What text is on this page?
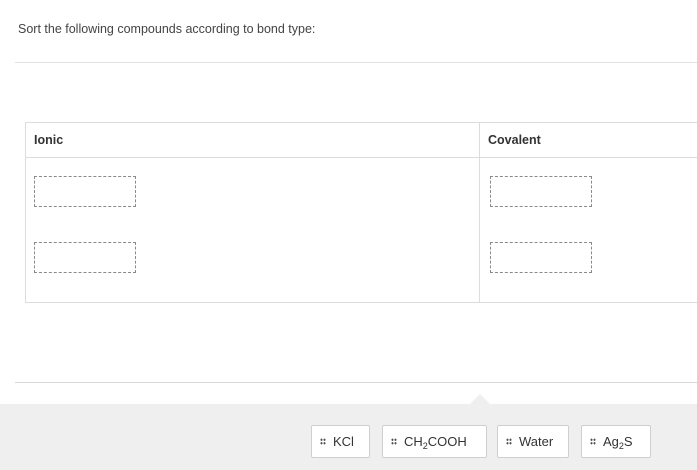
Sort the following compounds according to bond type:
Ionic	Covalent
KCl	$CH_2COOH$	Water	$Ag_2S$
